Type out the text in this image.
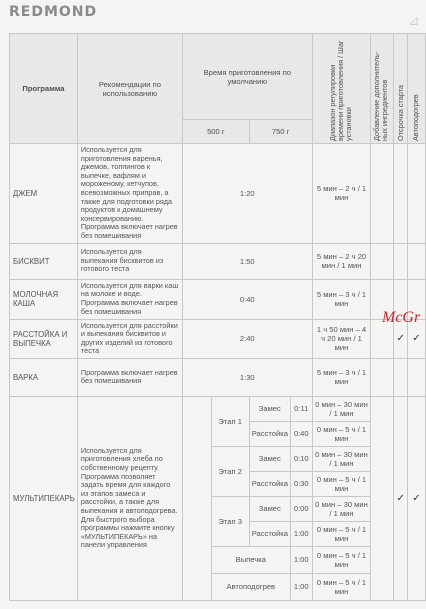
REDMOND	⊿
Программа	Рекомендации по использованию	Время приготовления по умолчанию				Диапазон регулировки времени приготовления / Шаг установки	Добавление дополнитель- ных ингредиентов	Отсрочка старта	Автоподогрев

		500 г		750 г					
ДЖЕМ	Используется для приготовления варенья, джемов, топпингов к выпечке, вафлям и мороженому, кетчупов, всевозможных приправ, а также для подготовки ряда продуктов к домашнему консервированию. Программа включает нагрев без помешивания	1:20				5 мин – 2 ч / 1 мин			
БИСКВИТ	Используется для выпекания бисквитов из готового теста	1:50				5 мин – 2 ч 20 мин / 1 мин			
МОЛОЧНАЯ КАША	Используется для варки каш на молоке и воде. Программа включает нагрев без помешивания	0:40				5 мин – 3 ч / 1 мин			
РАССТОЙКА И ВЫПЕЧКА	Используется для расстойки и выпекания бисквитов и других изделий из готового теста	2:40				1 ч 50 мин – 4 ч 20 мин / 1 мин		✓	✓
ВАРКА	Программа включает нагрев без помешивания	1:30				5 мин – 3 ч / 1 мин			
МУЛЬТИПЕКАРЬ	Используется для приготовления хлеба по собственному рецепту. Программа позволяет задать время для каждого из этапов замеса и расстойки, а также для выпекания и автоподогрева. Для быстрого выбора программы нажмите кнопку «МУЛЬТИПЕКАРЬ» на панели управления		Этап 1	Замес	0:11	0 мин – 30 мин / 1 мин		✓	✓
				Расстойка	0:40	0 мин – 5 ч / 1 мин			
			Этап 2	Замес	0:10	0 мин – 30 мин / 1 мин			
				Расстойка	0:30	0 мин – 5 ч / 1 мин			
			Этап 3	Замес	0:00	0 мин – 30 мин / 1 мин			
				Расстойка	1:00	0 мин – 5 ч / 1 мин			
			Выпечка		1:00	0 мин – 5 ч / 1 мин			
			Автоподогрев		1:00	0 мин – 5 ч / 1 мин			
McGr
